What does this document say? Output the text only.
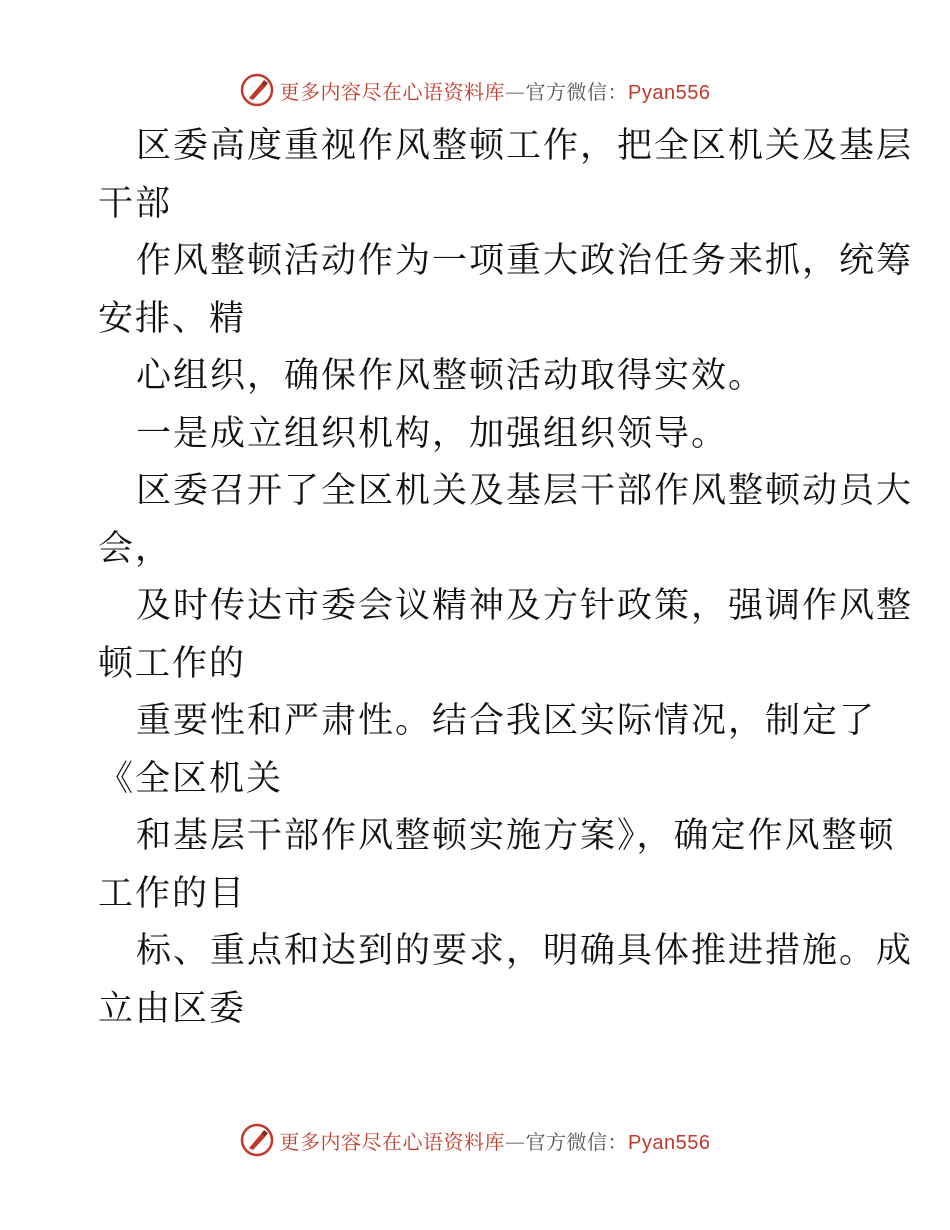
更多内容尽在心语资料库—官方微信：Pyan556
区委高度重视作风整顿工作，把全区机关及基层
干部
作风整顿活动作为一项重大政治任务来抓，统筹
安排、精
心组织，确保作风整顿活动取得实效。
一是成立组织机构，加强组织领导。
区委召开了全区机关及基层干部作风整顿动员大
会，
及时传达市委会议精神及方针政策，强调作风整
顿工作的
重要性和严肃性。结合我区实际情况，制定了
《全区机关
和基层干部作风整顿实施方案》，确定作风整顿
工作的目
标、重点和达到的要求，明确具体推进措施。成
立由区委
更多内容尽在心语资料库—官方微信：Pyan556
